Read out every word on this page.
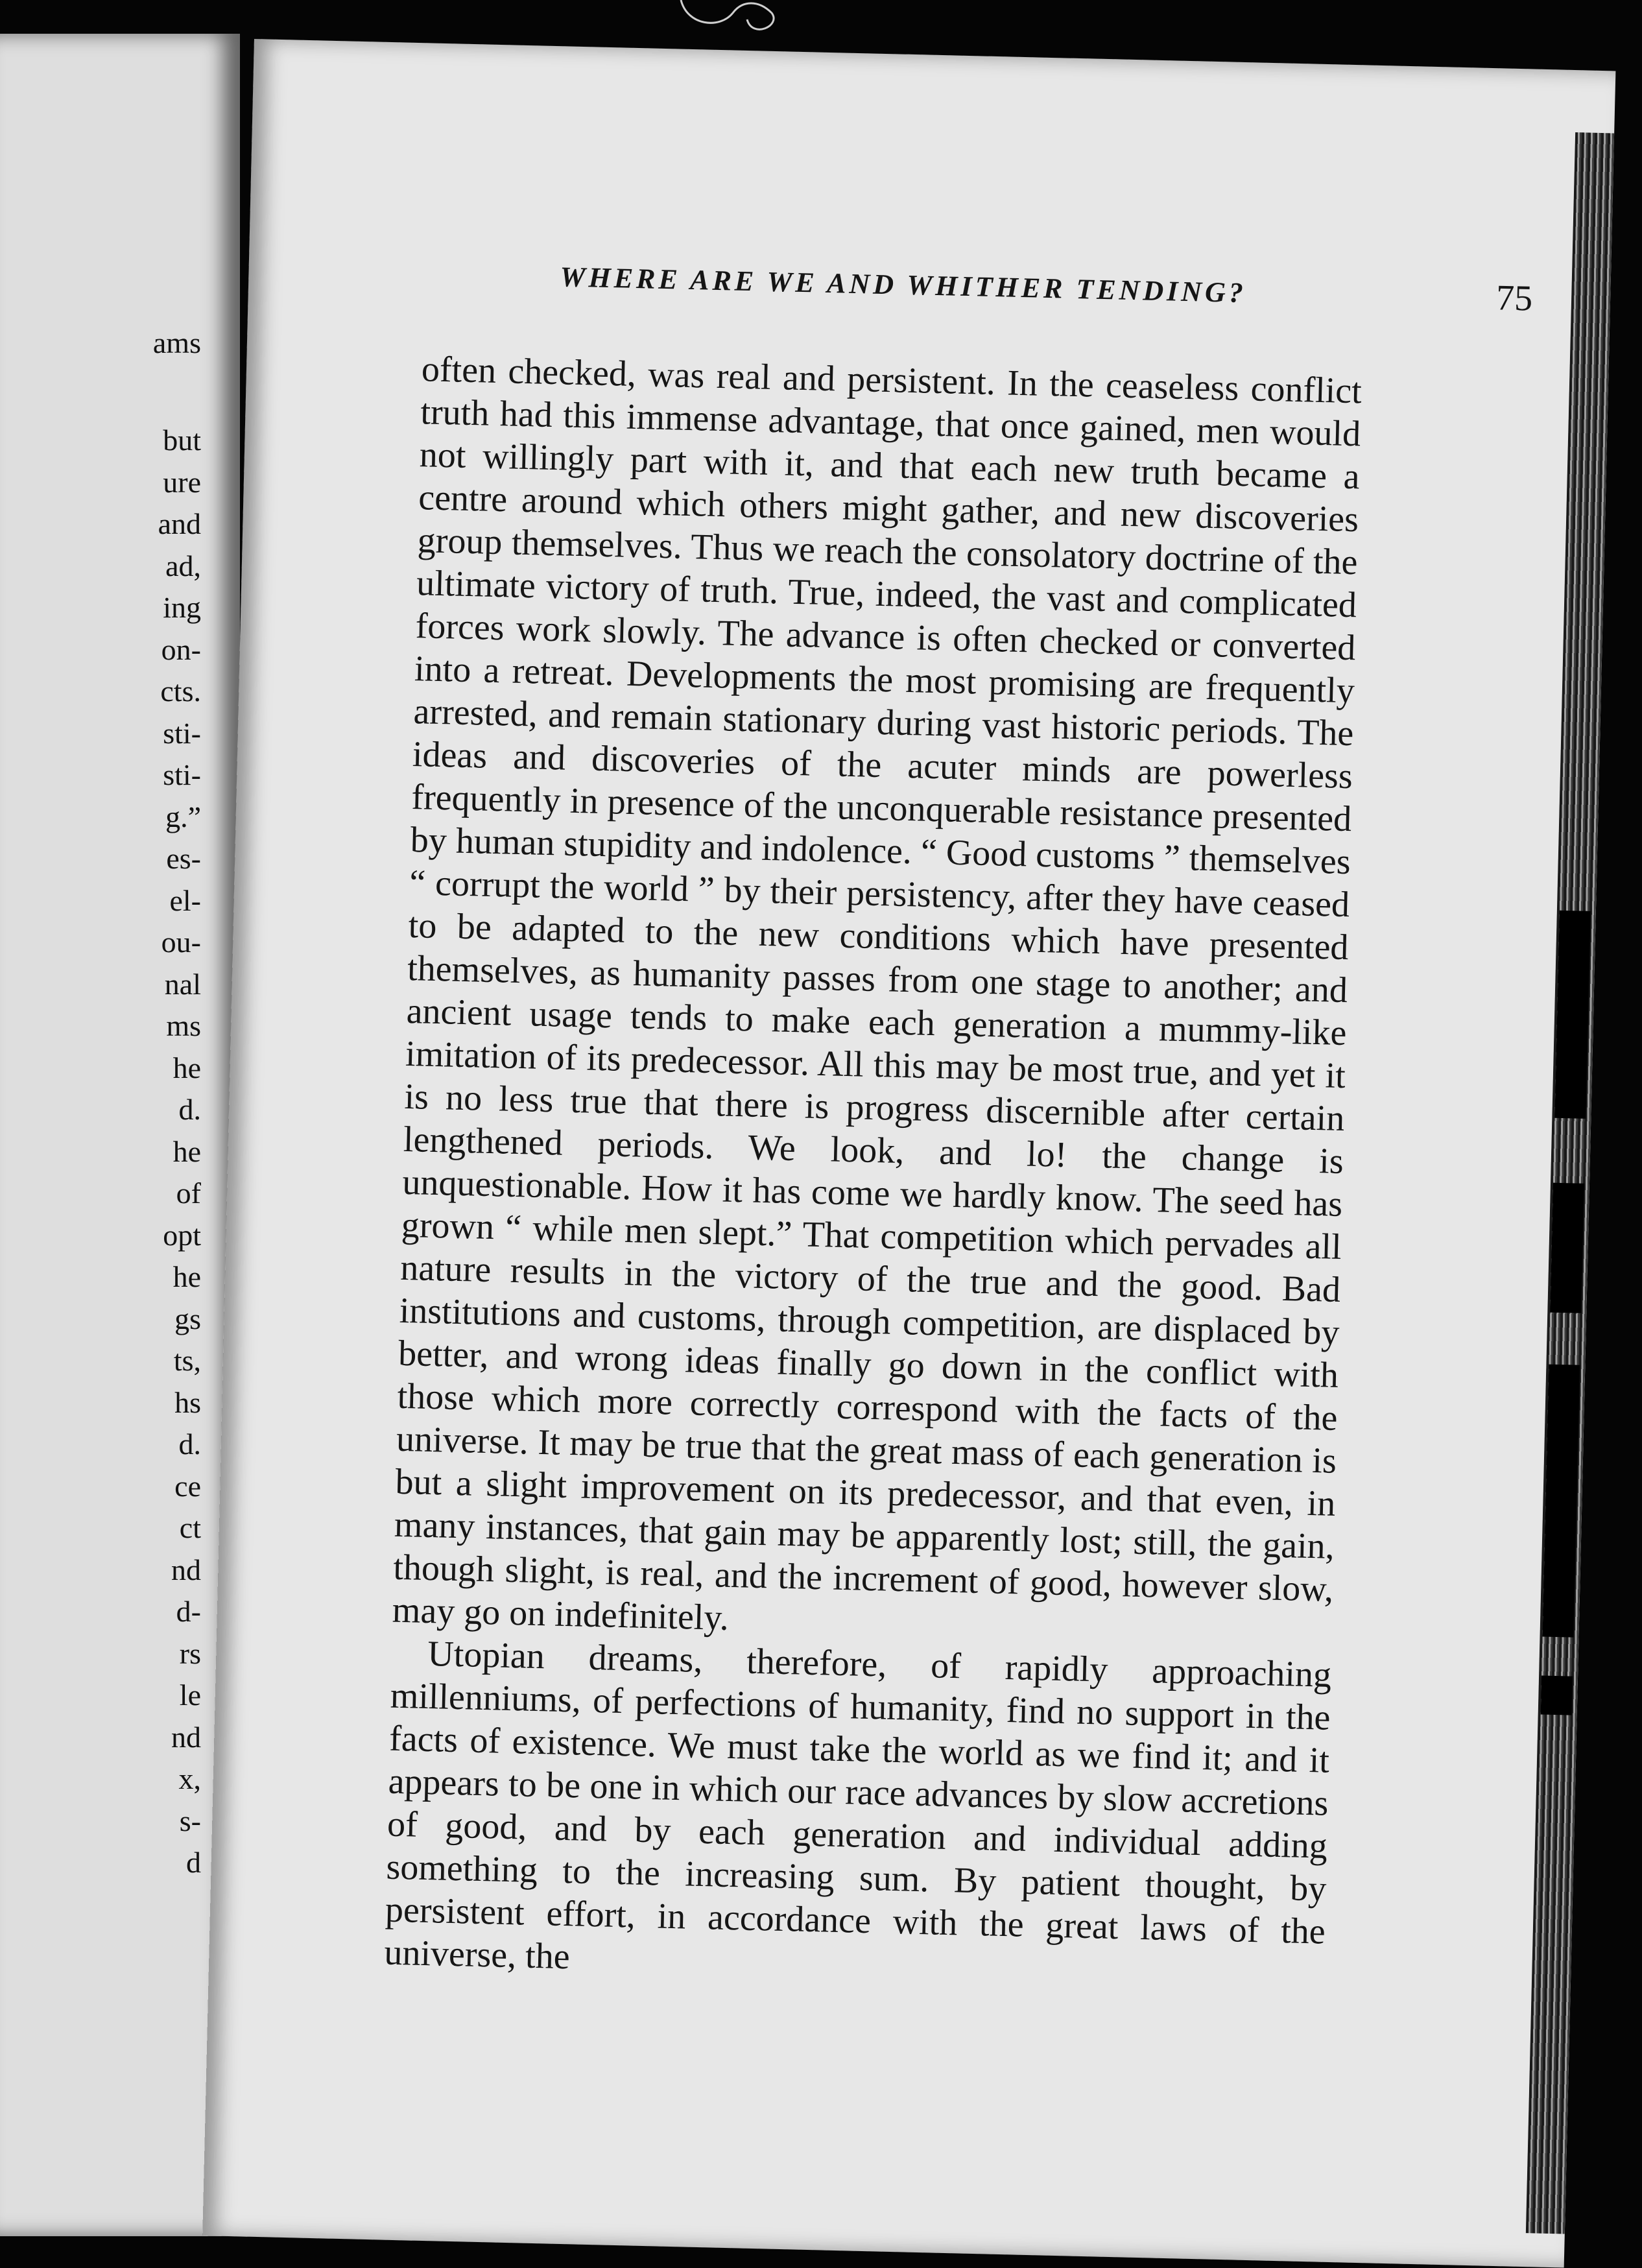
ams
but
ure
and
ad,
ing
on-
cts.
sti-
sti-
g.”
es-
el-
ou-
nal
ms
he
d.
he
of
opt
he
gs
ts,
hs
d.
ce
ct
nd
d-
rs
le
nd
x,
s-
d
WHERE ARE WE AND WHITHER TENDING?	75

often checked, was real and persistent. In the ceaseless conflict truth had this immense advantage, that once gained, men would not willingly part with it, and that each new truth became a centre around which others might gather, and new discoveries group themselves. Thus we reach the consolatory doctrine of the ultimate victory of truth. True, indeed, the vast and complicated forces work slowly. The advance is often checked or converted into a retreat. Developments the most promising are frequently arrested, and remain stationary during vast historic periods. The ideas and discoveries of the acuter minds are powerless frequently in presence of the unconquerable resistance presented by human stupidity and indolence. “ Good customs ” themselves “ corrupt the world ” by their persistency, after they have ceased to be adapted to the new conditions which have presented themselves, as humanity passes from one stage to another; and ancient usage tends to make each generation a mummy-like imitation of its predecessor. All this may be most true, and yet it is no less true that there is progress discernible after certain lengthened periods. We look, and lo! the change is unquestionable. How it has come we hardly know. The seed has grown “ while men slept.” That competition which pervades all nature results in the victory of the true and the good. Bad institutions and customs, through competition, are displaced by better, and wrong ideas finally go down in the conflict with those which more correctly correspond with the facts of the universe. It may be true that the great mass of each generation is but a slight improvement on its predecessor, and that even, in many instances, that gain may be apparently lost; still, the gain, though slight, is real, and the increment of good, however slow, may go on indefinitely.

Utopian dreams, therefore, of rapidly approaching millenniums, of perfections of humanity, find no support in the facts of existence. We must take the world as we find it; and it appears to be one in which our race advances by slow accretions of good, and by each generation and individual adding something to the increasing sum. By patient thought, by persistent effort, in accordance with the great laws of the universe, the
